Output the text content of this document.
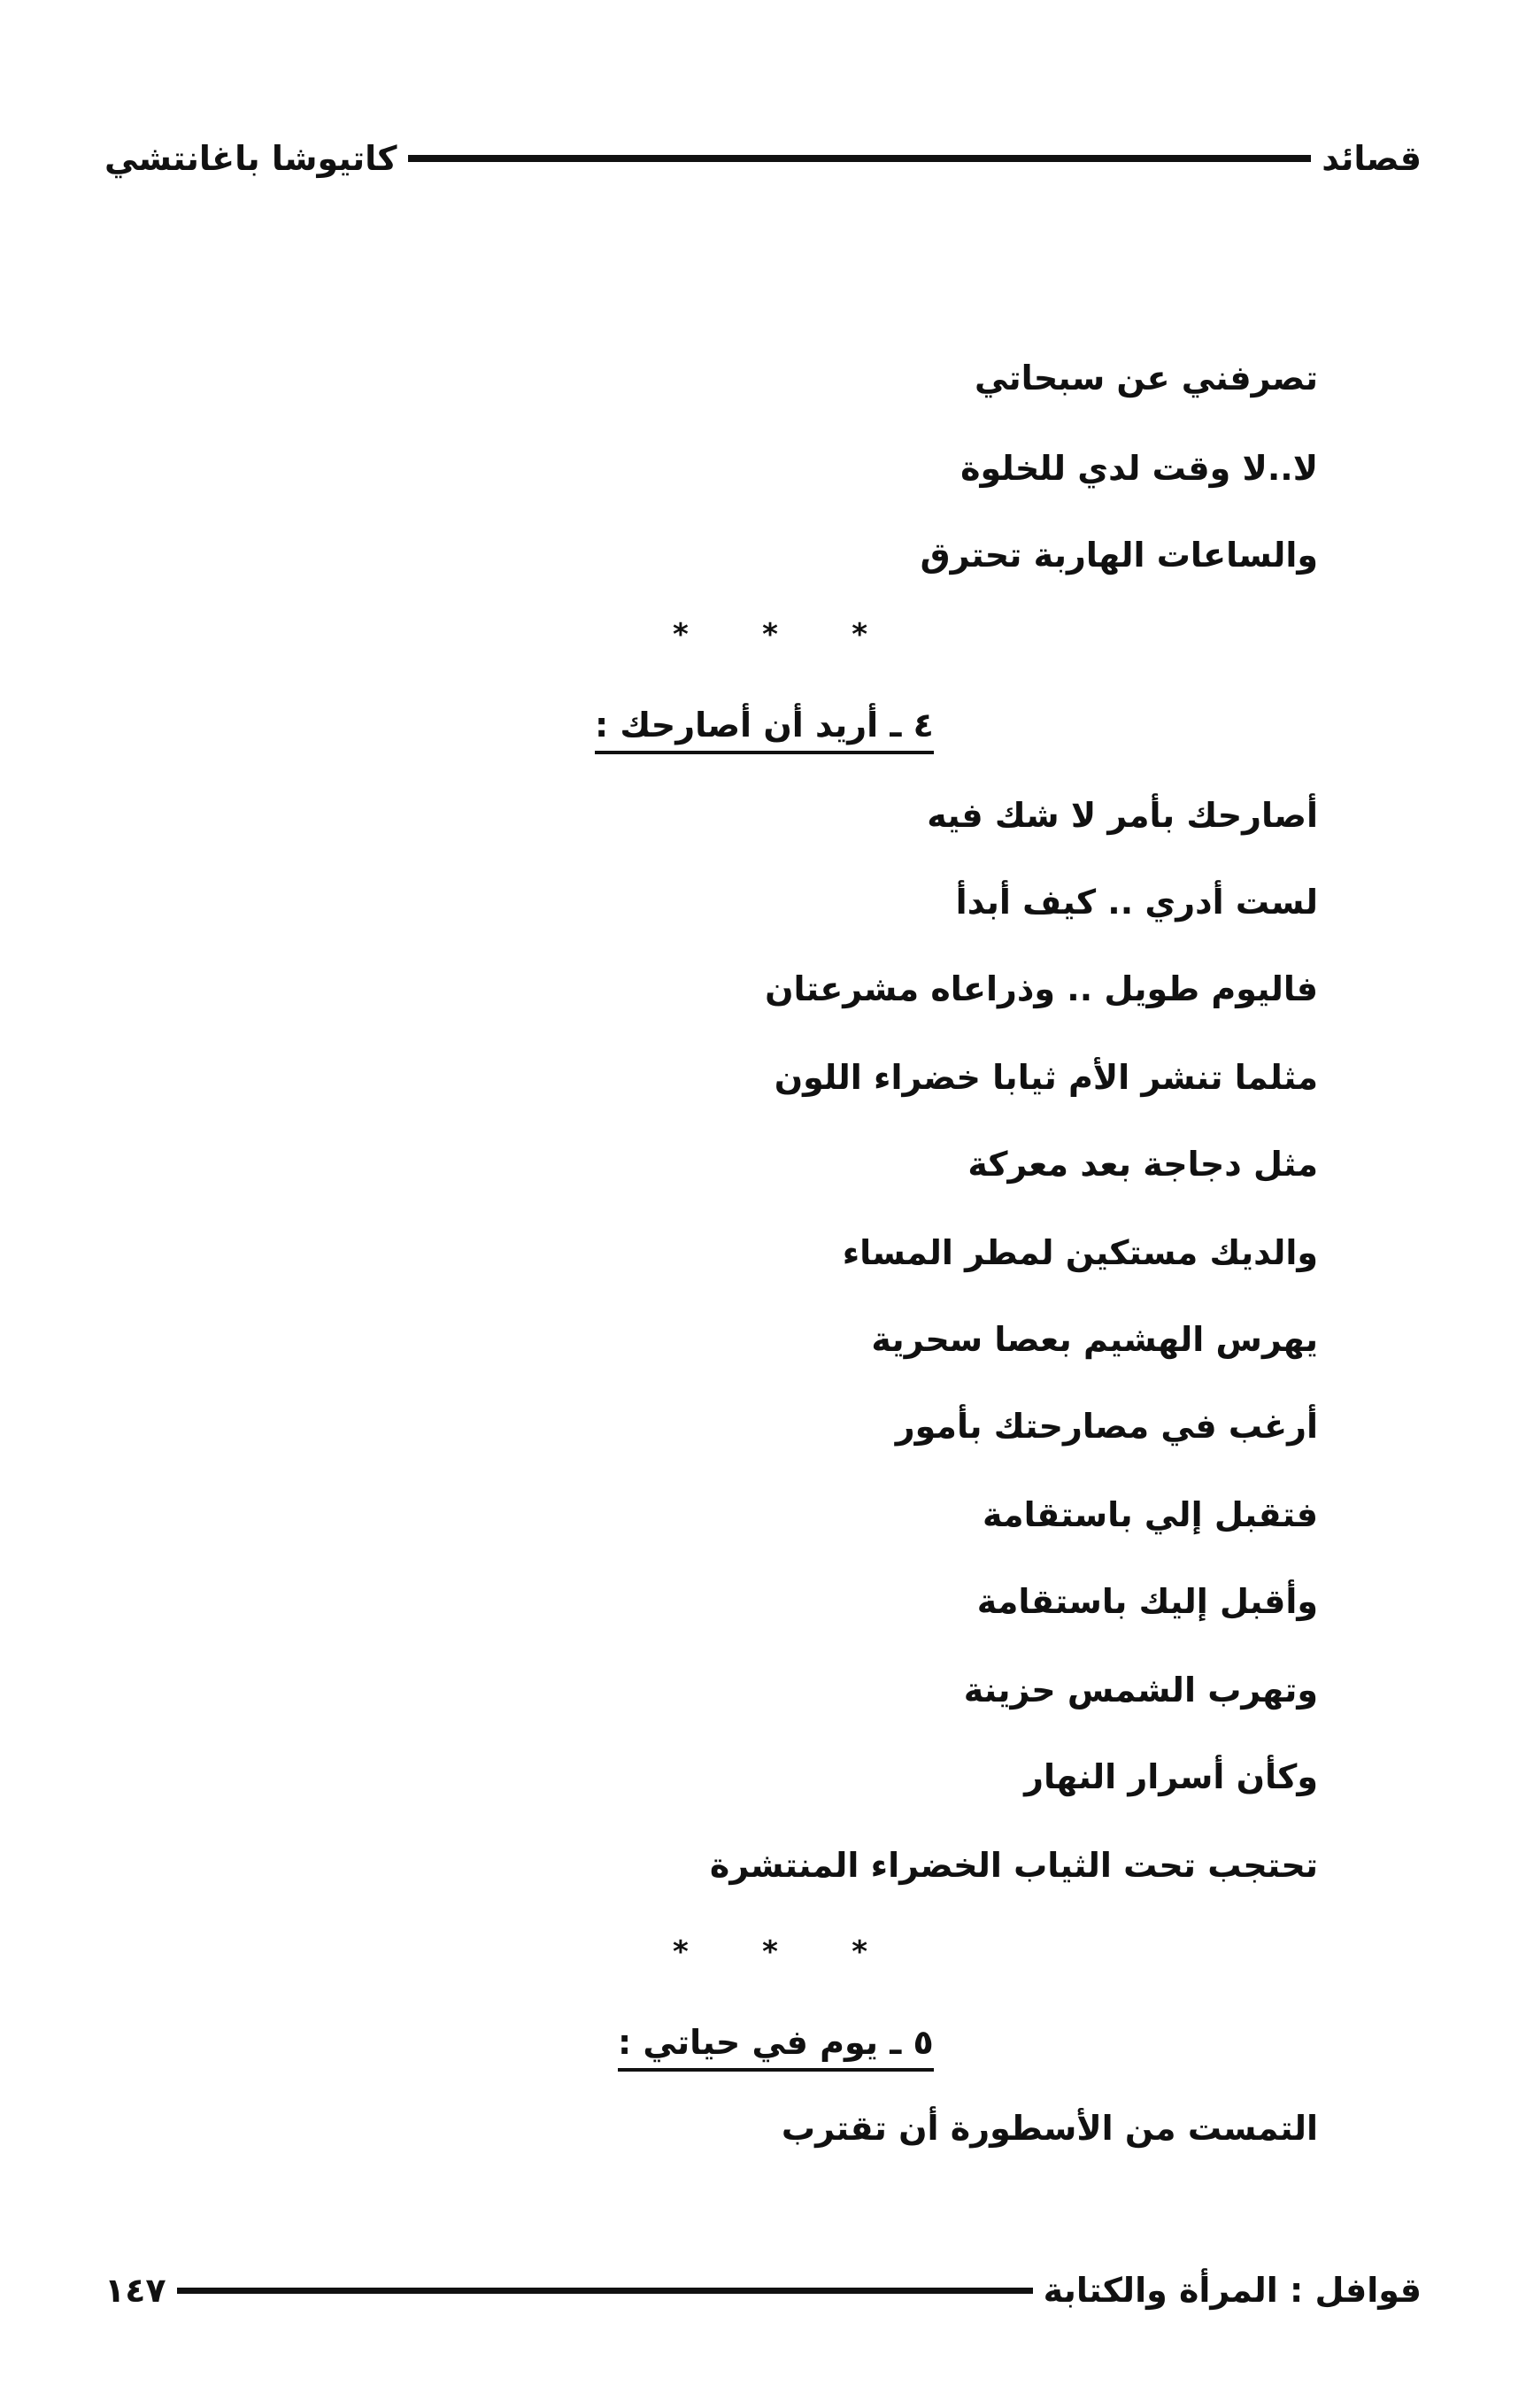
قصائد
كاتيوشا باغانتشي
تصرفني عن سبحاتي
لا..لا وقت لدي للخلوة
والساعات الهاربة تحترق
* * *
٤ ـ أريد أن أصارحك :
أصارحك بأمر لا شك فيه
لست أدري .. كيف أبدأ
فاليوم طويل .. وذراعاه مشرعتان
مثلما تنشر الأم ثيابا خضراء اللون
مثل دجاجة بعد معركة
والديك مستكين لمطر المساء
يهرس الهشيم بعصا سحرية
أرغب في مصارحتك بأمور
فتقبل إلي باستقامة
وأقبل إليك باستقامة
وتهرب الشمس حزينة
وكأن أسرار النهار
تحتجب تحت الثياب الخضراء المنتشرة
* * *
٥ ـ يوم في حياتي :
التمست من الأسطورة أن تقترب
قوافل : المرأة والكتابة
١٤٧
